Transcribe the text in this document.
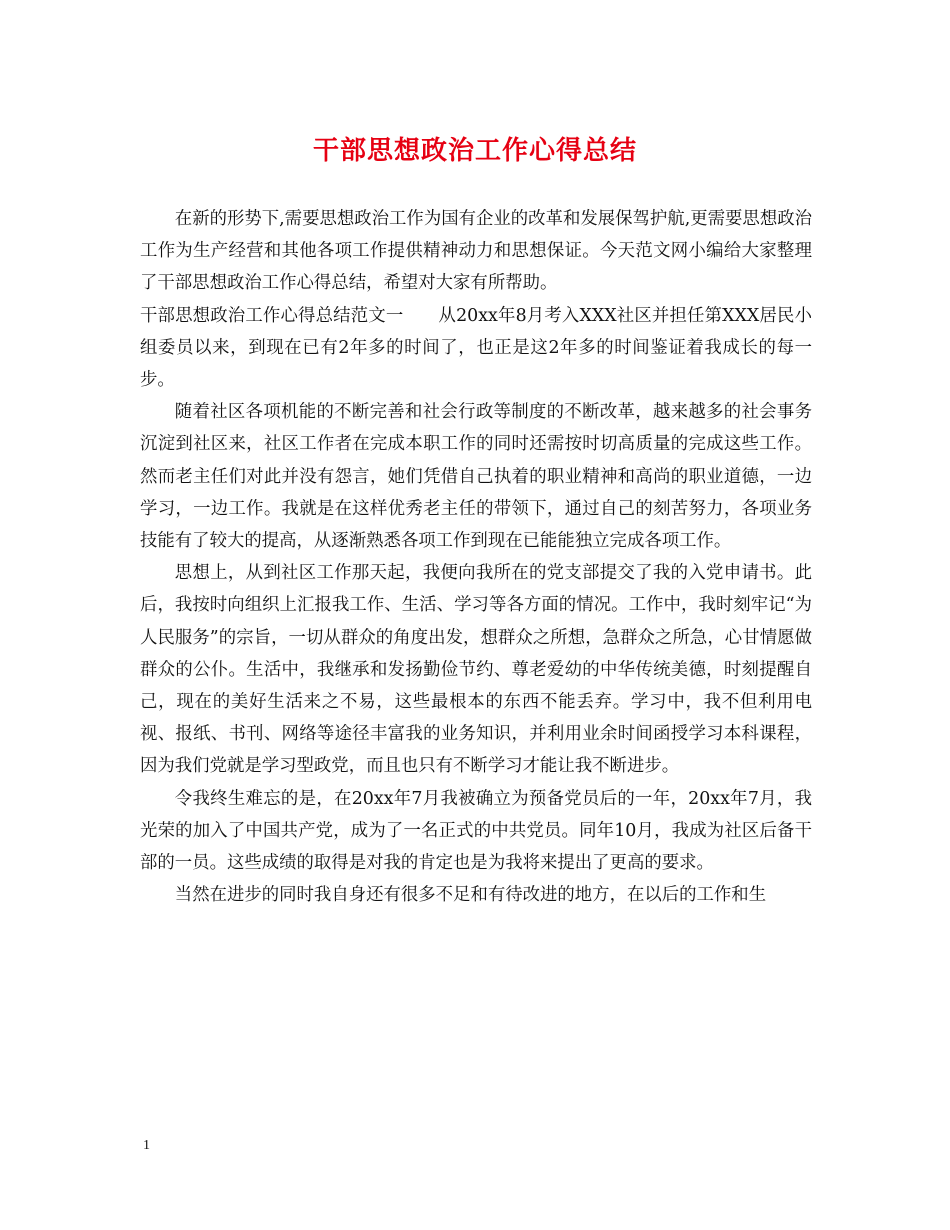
干部思想政治工作心得总结

在新的形势下,需要思想政治工作为国有企业的改革和发展保驾护航,更需要思想政治工作为生产经营和其他各项工作提供精神动力和思想保证。今天范文网小编给大家整理了干部思想政治工作心得总结，希望对大家有所帮助。

干部思想政治工作心得总结范文一　　从20xx年8月考入XXX社区并担任第XXX居民小组委员以来，到现在已有2年多的时间了，也正是这2年多的时间鉴证着我成长的每一步。

随着社区各项机能的不断完善和社会行政等制度的不断改革，越来越多的社会事务沉淀到社区来，社区工作者在完成本职工作的同时还需按时切高质量的完成这些工作。然而老主任们对此并没有怨言，她们凭借自己执着的职业精神和高尚的职业道德，一边学习，一边工作。我就是在这样优秀老主任的带领下，通过自己的刻苦努力，各项业务技能有了较大的提高，从逐渐熟悉各项工作到现在已能能独立完成各项工作。

思想上，从到社区工作那天起，我便向我所在的党支部提交了我的入党申请书。此后，我按时向组织上汇报我工作、生活、学习等各方面的情况。工作中，我时刻牢记“为人民服务”的宗旨，一切从群众的角度出发，想群众之所想，急群众之所急，心甘情愿做群众的公仆。生活中，我继承和发扬勤俭节约、尊老爱幼的中华传统美德，时刻提醒自己，现在的美好生活来之不易，这些最根本的东西不能丢弃。学习中，我不但利用电视、报纸、书刊、网络等途径丰富我的业务知识，并利用业余时间函授学习本科课程，因为我们党就是学习型政党，而且也只有不断学习才能让我不断进步。

令我终生难忘的是，在20xx年7月我被确立为预备党员后的一年，20xx年7月，我光荣的加入了中国共产党，成为了一名正式的中共党员。同年10月，我成为社区后备干部的一员。这些成绩的取得是对我的肯定也是为我将来提出了更高的要求。

当然在进步的同时我自身还有很多不足和有待改进的地方，在以后的工作和生

1
